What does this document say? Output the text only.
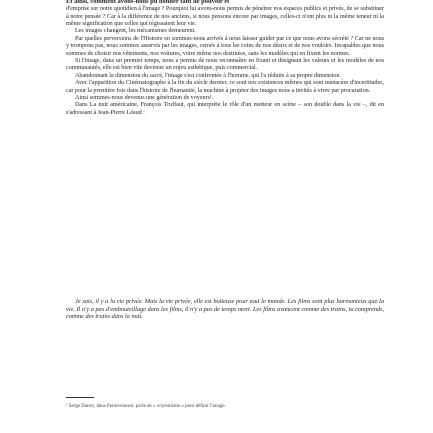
Et ainsi, comment avons-nous pu donner tant de pouvoir et

d'emprise sur notre quotidien à l'image ? Pourquoi lui avons-nous permis de pénétrer nos espaces publics et privés, de se substituer à notre pensée ? Car à la différence de nos anciens, si nous pensons encore par images, celles-ci n'ont plus ni la même teneur ni la même signification que celles qui régissaient leur vie.

Les images changent, les mécanismes demeurent.

Par quelles perversions de l'Histoire en sommes-nous arrivés à nous laisser guider par ce que nous avons sécrété ? Car ne nous y trompons pas, nous sommes asservis par les images, cernés à tous les coins de nos désirs et de nos vouloirs. Incapables que nous sommes de choisir nos vêtements, nos voitures, voire même nos destinées, sans les modèles qui en fixent les normes.

Si l'image, dans un premier temps, nous a permis de nous reconnaître en fixant et désignant les valeurs et les modèles de nos communautés, elle est bien vite devenue un enjeu esthétique, puis commercial.

Abandonnant la dimension du sacré, l'image s'est confrontée à l'homme, qui l'a réduite à sa propre dimension.

Avec l'apparition du Cinématographe à la fin du siècle dernier, ce sont nos existences mêmes qui sont menacées d'incertitudes, car pour la première fois dans l'histoire de l'humanité, la machine à projeter des images nous a invités à vivre par procuration.

Ainsi sommes-nous devenus une génération de voyeurs¹.

Dans La nuit américaine, François Truffaut, qui interprète le rôle d'un metteur en scène – son double dans la vie –, dit en s'adressant à Jean-Pierre Léaud :

Je sais, il y a la vie privée. Mais la vie privée, elle est boiteuse pour tout le monde. Les films sont plus harmonieux que la vie. Il n'y a pas d'embouteillage dans les films, il n'y a pas de temps mort. Les films avancent comme des trains, tu comprends, comme des trains dans la nuit.

¹ Serge Daney, dans Persévérance, parle de « voyeurisme » pour définir l'image.
